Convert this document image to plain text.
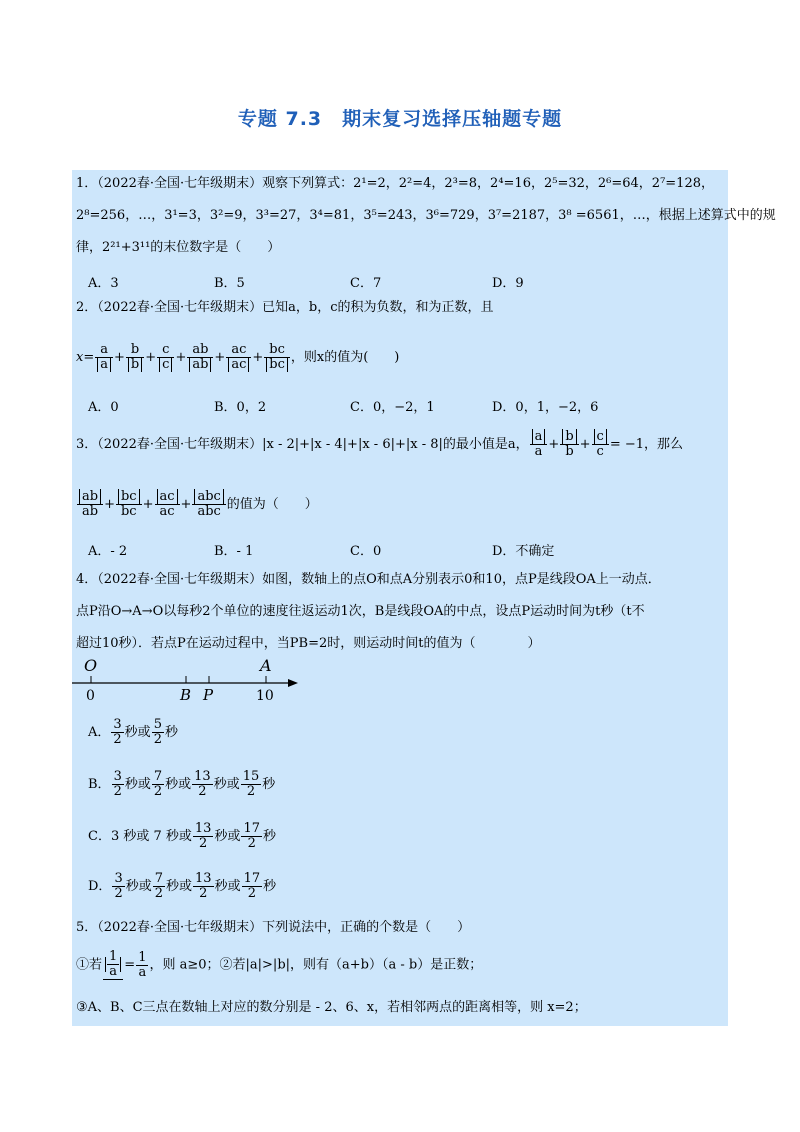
专题 7.3　期末复习选择压轴题专题
1．（2022春·全国·七年级期末）观察下列算式：2¹=2，2²=4，2³=8，2⁴=16，2⁵=32，2⁶=64，2⁷=128，
2⁸=256，…，3¹=3，3²=9，3³=27，3⁴=81，3⁵=243，3⁶=729，3⁷=2187，3⁸ =6561，…，根据上述算式中的规
律，2²¹+3¹¹的末位数字是（　　）
A．3	B．5	C．7	D．9
2．（2022春·全国·七年级期末）已知a，b，c的积为负数，和为正数，且
$x= \frac{a}{a} + \frac{b}{b} + \frac{c}{c} + \frac{ab}{ab} + \frac{ac}{ac} + \frac{bc}{bc}$ ，则x的值为(　　)
A．0	B．0，2	C．0，−2，1	D．0，1，−2，6
3．（2022春·全国·七年级期末）|x - 2|+|x - 4|+|x - 6|+|x - 8|的最小值是a， $\frac{a}{a} + \frac{b}{b} + \frac{c}{c} = -1$，那么
$\frac{ab}{ab} + \frac{bc}{bc} + \frac{ac}{ac}$ +
abc
abc 的值为（　　）
A．- 2	B．- 1	C．0	D．不确定
4．（2022春·全国·七年级期末）如图，数轴上的点O和点A分别表示0和10，点P是线段OA上一动点．
点P沿O→A→O以每秒2个单位的速度往返运动1次，B是线段OA的中点，设点P运动时间为t秒（t不
超过10秒）．若点P在运动过程中，当PB=2时，则运动时间t的值为（　　　　）
O	A
0	B P	10
A． $\frac{3}{2}$ 秒或 $\frac{5}{2}$ 秒
B． $\frac{3}{2}$ 秒或 $\frac{7}{2}$ 秒或 $\frac{13}{2}$ 秒或 $\frac{15}{2}$ 秒
C．3 秒或 7 秒或 $\frac{13}{2}$ 秒或 $\frac{17}{2}$ 秒
D． $\frac{3}{2}$ 秒或 $\frac{7}{2}$ 秒或 $\frac{13}{2}$ 秒或 $\frac{17}{2}$ 秒
5．（2022春·全国·七年级期末）下列说法中，正确的个数是（　　）
①若 $\frac{1}{a} = \frac{1}{a}$ ，则 a≥0；②若|a|>|b|，则有（a+b）（a - b）是正数；
③A、B、C三点在数轴上对应的数分别是 - 2、6、x，若相邻两点的距离相等，则 x=2；
